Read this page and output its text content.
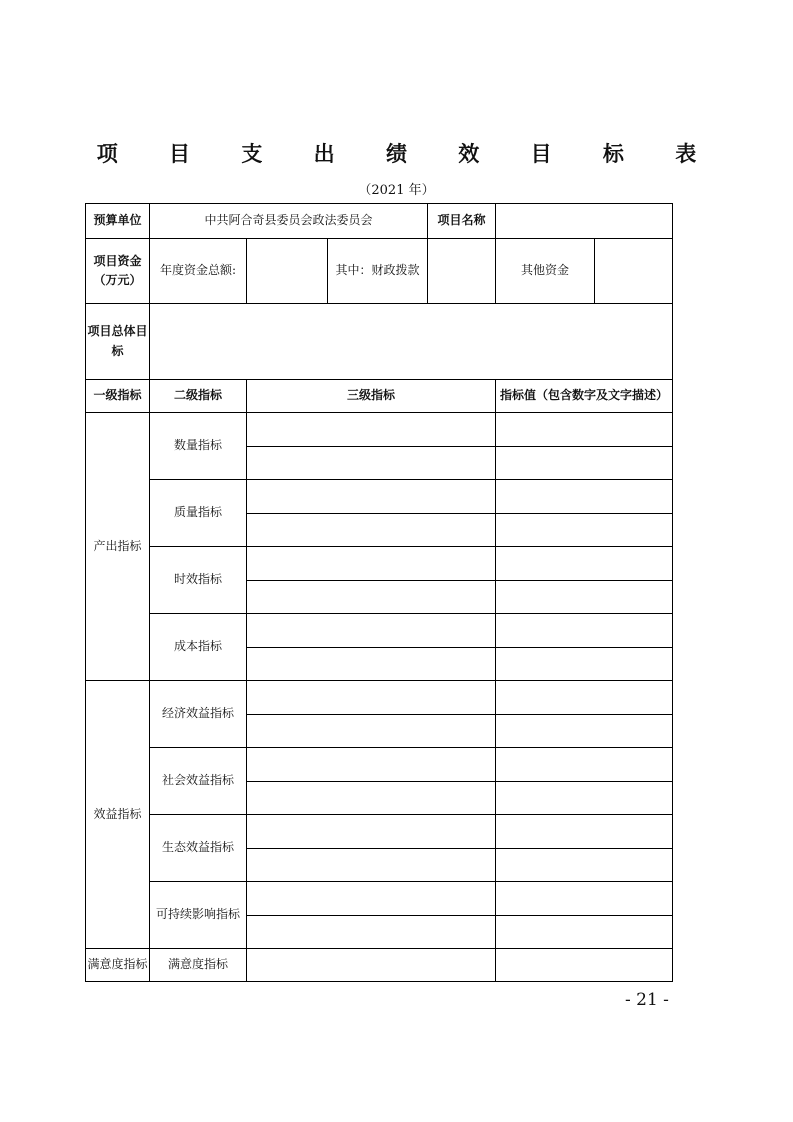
项 目 支 出 绩 效 目 标 表
（2021 年）
预算单位	中共阿合奇县委员会政法委员会			项目名称		

项目资金
（万元）	年度资金总额:		其中：财政拨款		其他资金	

项目总体目
标						

一级指标	二级指标	三级指标			指标值（包含数字及文字描述）	
产出指标	数量指标					

	质量指标					

	时效指标					

	成本指标					

效益指标	经济效益指标					

	社会效益指标					

	生态效益指标					

	可持续影响指标					

满意度指标	满意度指标					
- 21 -
